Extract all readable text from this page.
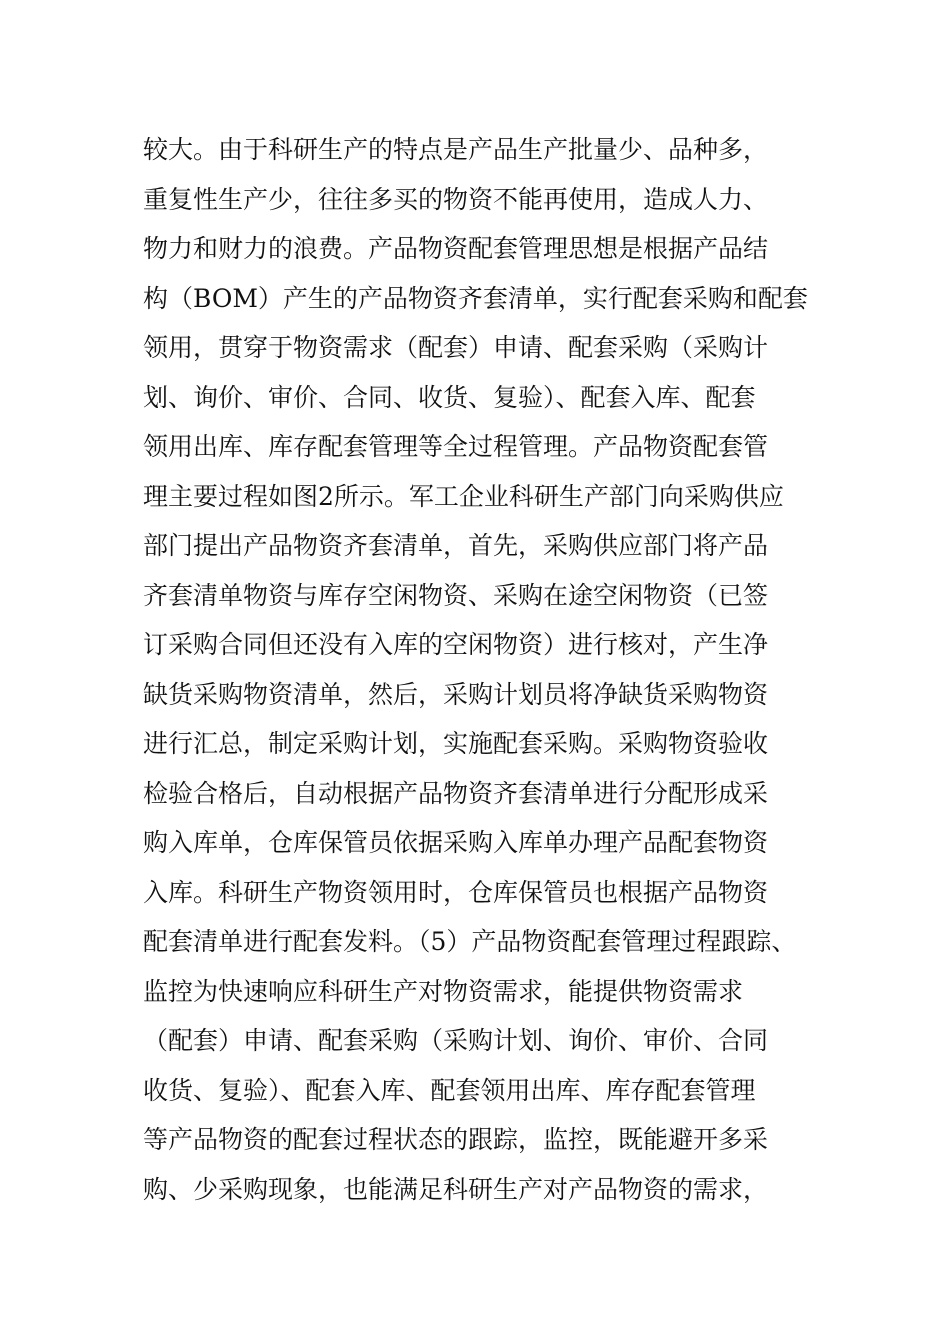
较大。由于科研生产的特点是产品生产批量少、品种多，
重复性生产少，往往多买的物资不能再使用，造成人力、
物力和财力的浪费。产品物资配套管理思想是根据产品结
构（BOM）产生的产品物资齐套清单，实行配套采购和配套
领用，贯穿于物资需求（配套）申请、配套采购（采购计
划、询价、审价、合同、收货、复验）、配套入库、配套
领用出库、库存配套管理等全过程管理。产品物资配套管
理主要过程如图2所示。军工企业科研生产部门向采购供应
部门提出产品物资齐套清单，首先，采购供应部门将产品
齐套清单物资与库存空闲物资、采购在途空闲物资（已签
订采购合同但还没有入库的空闲物资）进行核对，产生净
缺货采购物资清单，然后，采购计划员将净缺货采购物资
进行汇总，制定采购计划，实施配套采购。采购物资验收
检验合格后，自动根据产品物资齐套清单进行分配形成采
购入库单，仓库保管员依据采购入库单办理产品配套物资
入库。科研生产物资领用时，仓库保管员也根据产品物资
配套清单进行配套发料。（5）产品物资配套管理过程跟踪、
监控为快速响应科研生产对物资需求，能提供物资需求
（配套）申请、配套采购（采购计划、询价、审价、合同
收货、复验）、配套入库、配套领用出库、库存配套管理
等产品物资的配套过程状态的跟踪，监控，既能避开多采
购、少采购现象，也能满足科研生产对产品物资的需求，
